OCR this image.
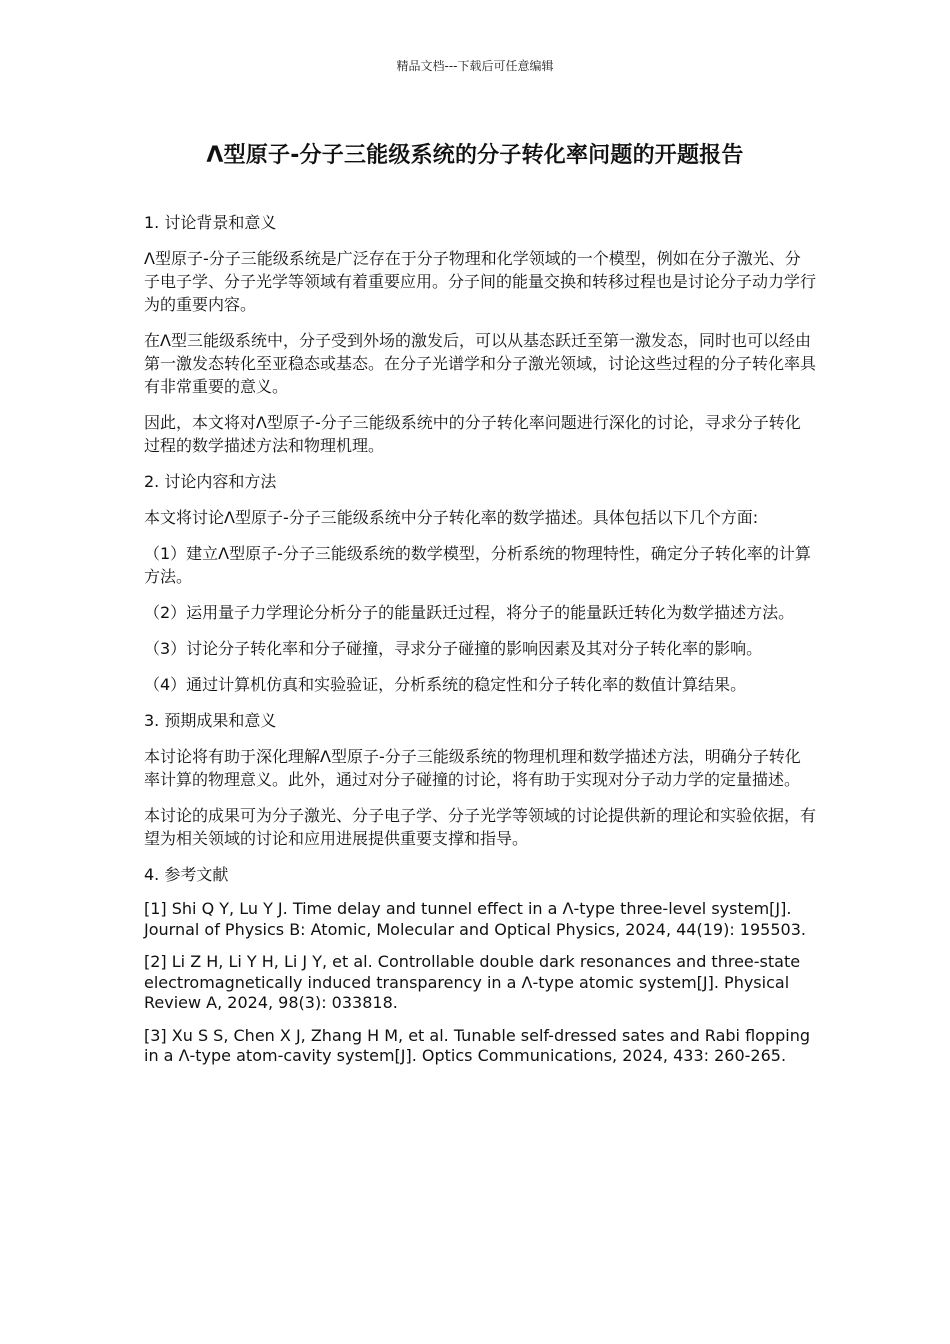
精品文档---下载后可任意编辑
Λ型原子-分子三能级系统的分子转化率问题的开题报告

1. 讨论背景和意义

Λ型原子-分子三能级系统是广泛存在于分子物理和化学领域的一个模型，例如在分子激光、分子电子学、分子光学等领域有着重要应用。分子间的能量交换和转移过程也是讨论分子动力学行为的重要内容。

在Λ型三能级系统中，分子受到外场的激发后，可以从基态跃迁至第一激发态，同时也可以经由第一激发态转化至亚稳态或基态。在分子光谱学和分子激光领域，讨论这些过程的分子转化率具有非常重要的意义。

因此，本文将对Λ型原子-分子三能级系统中的分子转化率问题进行深化的讨论，寻求分子转化过程的数学描述方法和物理机理。

2. 讨论内容和方法

本文将讨论Λ型原子-分子三能级系统中分子转化率的数学描述。具体包括以下几个方面:

（1）建立Λ型原子-分子三能级系统的数学模型，分析系统的物理特性，确定分子转化率的计算方法。

（2）运用量子力学理论分析分子的能量跃迁过程，将分子的能量跃迁转化为数学描述方法。

（3）讨论分子转化率和分子碰撞，寻求分子碰撞的影响因素及其对分子转化率的影响。

（4）通过计算机仿真和实验验证，分析系统的稳定性和分子转化率的数值计算结果。

3. 预期成果和意义

本讨论将有助于深化理解Λ型原子-分子三能级系统的物理机理和数学描述方法，明确分子转化率计算的物理意义。此外，通过对分子碰撞的讨论，将有助于实现对分子动力学的定量描述。

本讨论的成果可为分子激光、分子电子学、分子光学等领域的讨论提供新的理论和实验依据，有望为相关领域的讨论和应用进展提供重要支撑和指导。

4. 参考文献

[1] Shi Q Y, Lu Y J. Time delay and tunnel effect in a Λ-type three-level system[J]. Journal of Physics B: Atomic, Molecular and Optical Physics, 2024, 44(19): 195503.

[2] Li Z H, Li Y H, Li J Y, et al. Controllable double dark resonances and three-state electromagnetically induced transparency in a Λ-type atomic system[J]. Physical Review A, 2024, 98(3): 033818.

[3] Xu S S, Chen X J, Zhang H M, et al. Tunable self-dressed sates and Rabi flopping in a Λ-type atom-cavity system[J]. Optics Communications, 2024, 433: 260-265.
